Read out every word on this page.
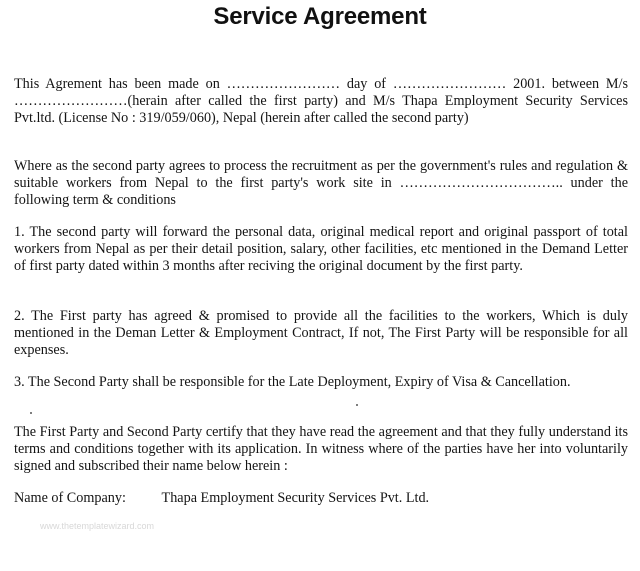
Service Agreement
This Agrement has been made on …………………… day of …………………… 2001. between M/s ……………………(herain after called the first party) and M/s Thapa Employment Security Services Pvt.ltd. (License No : 319/059/060), Nepal (herein after called the second party)
Where as the second party agrees to process the recruitment as per the government's rules and regulation & suitable workers from Nepal to the first party's work site in …………………………….. under the following term & conditions
1. The second party will forward the personal data, original medical report and original passport of total workers from Nepal as per their detail position, salary, other facilities, etc mentioned in the Demand Letter of first party dated within 3 months after reciving the original document by the first party.
2. The First party has agreed & promised to provide all the facilities to the workers, Which is duly mentioned in the Deman Letter & Employment Contract, If not, The First Party will be responsible for all expenses.
3. The Second Party shall be responsible for the Late Deployment, Expiry of Visa & Cancellation.
The First Party and Second Party certify that they have read the agreement and that they fully understand its terms and conditions together with its application. In witness where of the parties have her into voluntarily signed and subscribed their name below herein :
Name of Company:	Thapa Employment Security Services Pvt. Ltd.
www.thetemplatewizard.com
